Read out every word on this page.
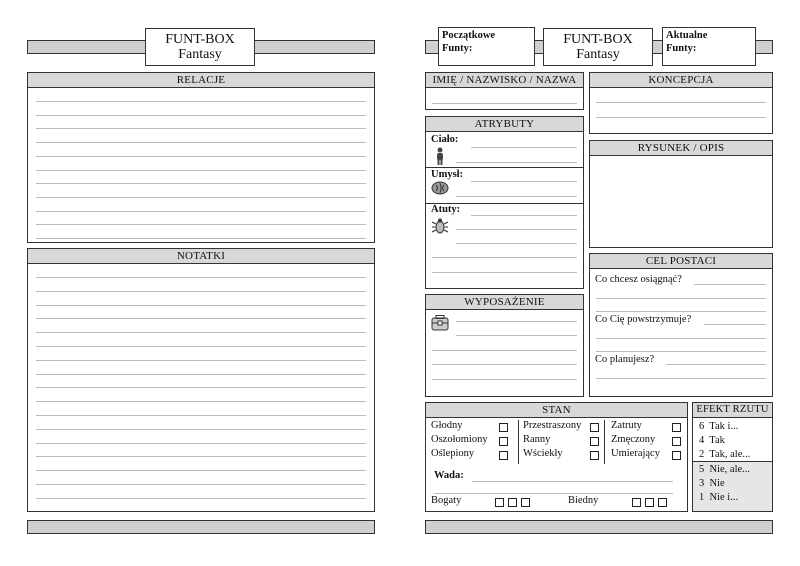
FUNT-BOX
Fantasy
RELACJE
NOTATKI
Początkowe Funty:
FUNT-BOX
Fantasy
Aktualne Funty:
IMIĘ / NAZWISKO / NAZWA	KONCEPCJA
ATRYBUTY
Ciało:
Umysł:
Atuty:
RYSUNEK / OPIS
CEL POSTACI
Co chcesz osiągnąć?
Co Cię powstrzymuje?
Co planujesz?
WYPOSAŻENIE
STAN
Głodny
Oszołomiony
Oślepiony
Przestraszony
Ranny
Wściekły
Zatruty
Zmęczony
Umierający
Wada:
Bogaty	Biedny
EFEKT RZUTU
6  Tak i...
4  Tak
2  Tak, ale...
5  Nie, ale...
3  Nie
1  Nie i...
